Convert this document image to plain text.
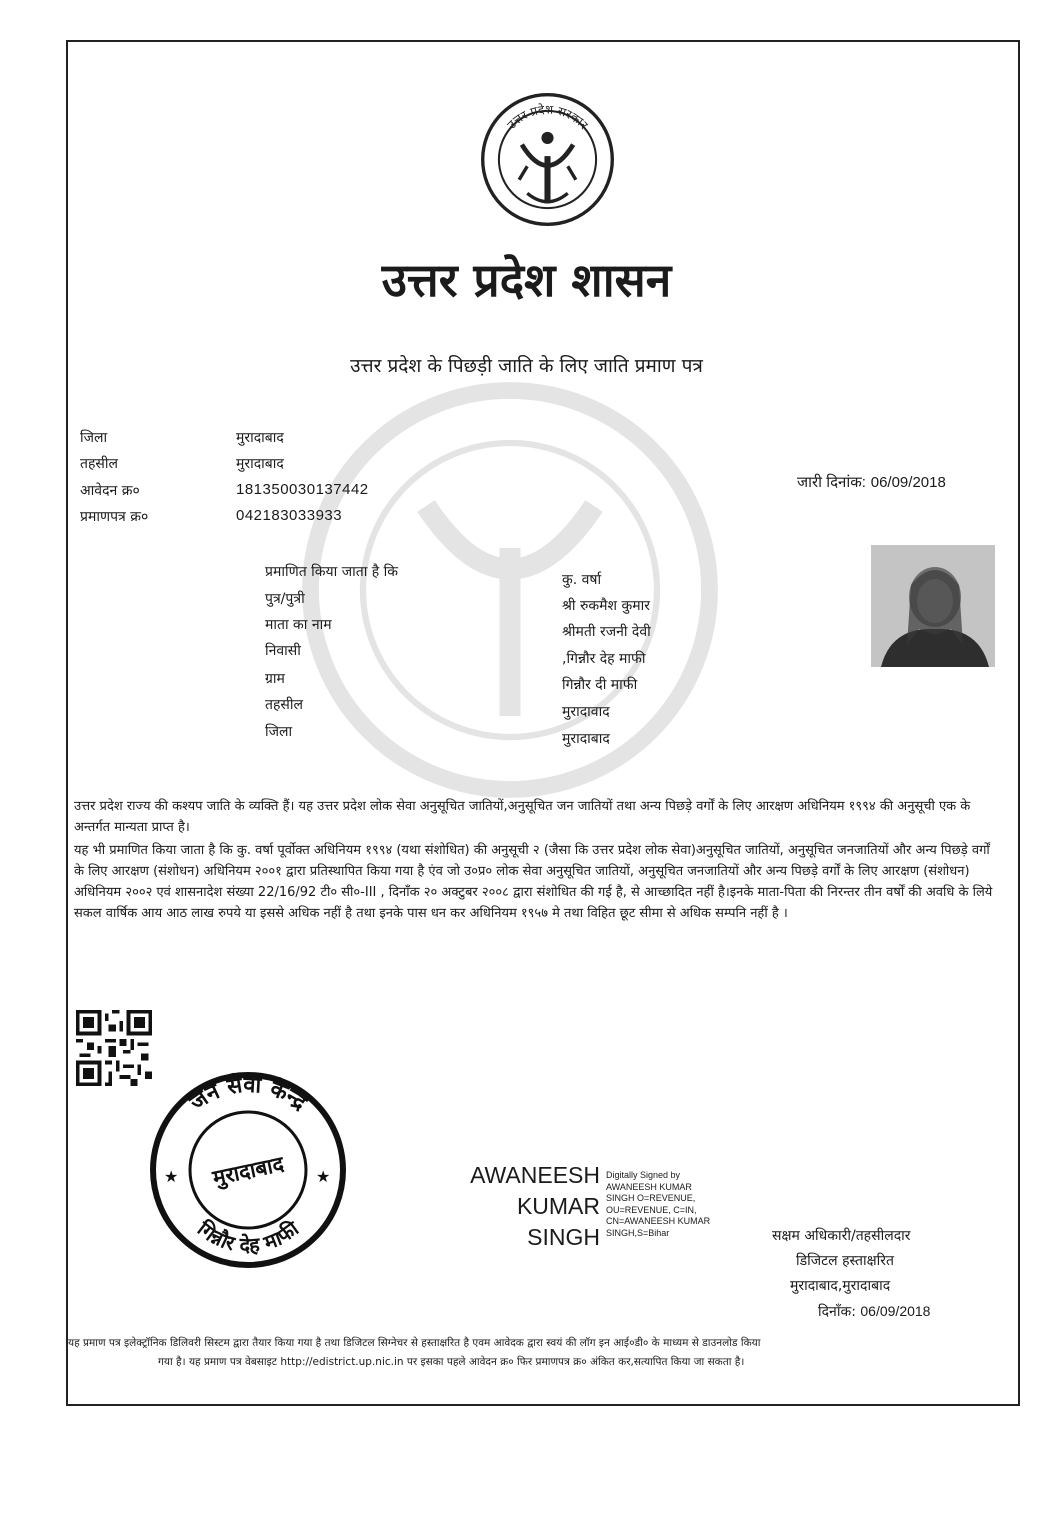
उत्तर प्रदेश सरकार
उत्तर प्रदेश शासन
उत्तर प्रदेश के पिछड़ी जाति के लिए जाति प्रमाण पत्र
जिला	मुरादाबाद
तहसील	मुरादाबाद
आवेदन क्र०	181350030137442
प्रमाणपत्र क्र०	042183033933
जारी दिनांक: 06/09/2018
प्रमाणित किया जाता है कि	कु. वर्षा
पुत्र/पुत्री	श्री रुकमैश कुमार
माता का नाम	श्रीमती रजनी देवी
निवासी	,गिन्नौर देह माफी
ग्राम	गिन्नौर दी माफी
तहसील	मुरादावाद
जिला	मुरादाबाद
उत्तर प्रदेश राज्य की कश्यप जाति के व्यक्ति हैं। यह उत्तर प्रदेश लोक सेवा अनुसूचित जातियों,अनुसूचित जन जातियों तथा अन्य पिछड़े वर्गों के लिए आरक्षण अधिनियम १९९४ की अनुसूची एक के अन्तर्गत मान्यता प्राप्त है।
यह भी प्रमाणित किया जाता है कि कु. वर्षा पूर्वोक्त अधिनियम १९९४ (यथा संशोधित) की अनुसूची २ (जैसा कि उत्तर प्रदेश लोक सेवा)अनुसूचित जातियों, अनुसूचित जनजातियों और अन्य पिछड़े वर्गों के लिए आरक्षण (संशोधन) अधिनियम २००१ द्वारा प्रतिस्थापित किया गया है एंव जो उ०प्र० लोक सेवा अनुसूचित जातियों, अनुसूचित जनजातियों और अन्य पिछड़े वर्गों के लिए आरक्षण (संशोधन) अधिनियम २००२ एवं शासनादेश संख्या 22/16/92 टी० सी०-III , दिनाँक २० अक्टुबर २००८ द्वारा संशोधित की गई है, से आच्छादित नहीं है।इनके माता-पिता की निरन्तर तीन वर्षों की अवधि के लिये सकल वार्षिक आय आठ लाख रुपये या इससे अधिक नहीं है तथा इनके पास धन कर अधिनियम १९५७ मे तथा विहित छूट सीमा से अधिक सम्पनि नहीं है ।
जन सेवा केन्द्र
गिन्नौर देह माफी
मुरादाबाद
★	★	AWANEESH
KUMAR
SINGH
Digitally Signed by
AWANEESH KUMAR
SINGH O=REVENUE,
OU=REVENUE, C=IN,
CN=AWANEESH KUMAR
SINGH,S=Bihar	सक्षम अधिकारी/तहसीलदार
डिजिटल हस्ताक्षरित
मुरादाबाद,मुरादाबाद
दिनाँक: 06/09/2018
यह प्रमाण पत्र इलेक्ट्रॉनिक डिलिवरी सिस्टम द्वारा तैयार किया गया है तथा डिजिटल सिग्नेचर से हस्ताक्षरित है एवम आवेदक द्वारा स्वयं की लॉग इन आई०डी० के माध्यम से डाउनलोड किया
गया है। यह प्रमाण पत्र वेबसाइट http://edistrict.up.nic.in पर इसका पहले आवेदन क्र० फिर प्रमाणपत्र क्र० अंकित कर,सत्यापित किया जा सकता है।
